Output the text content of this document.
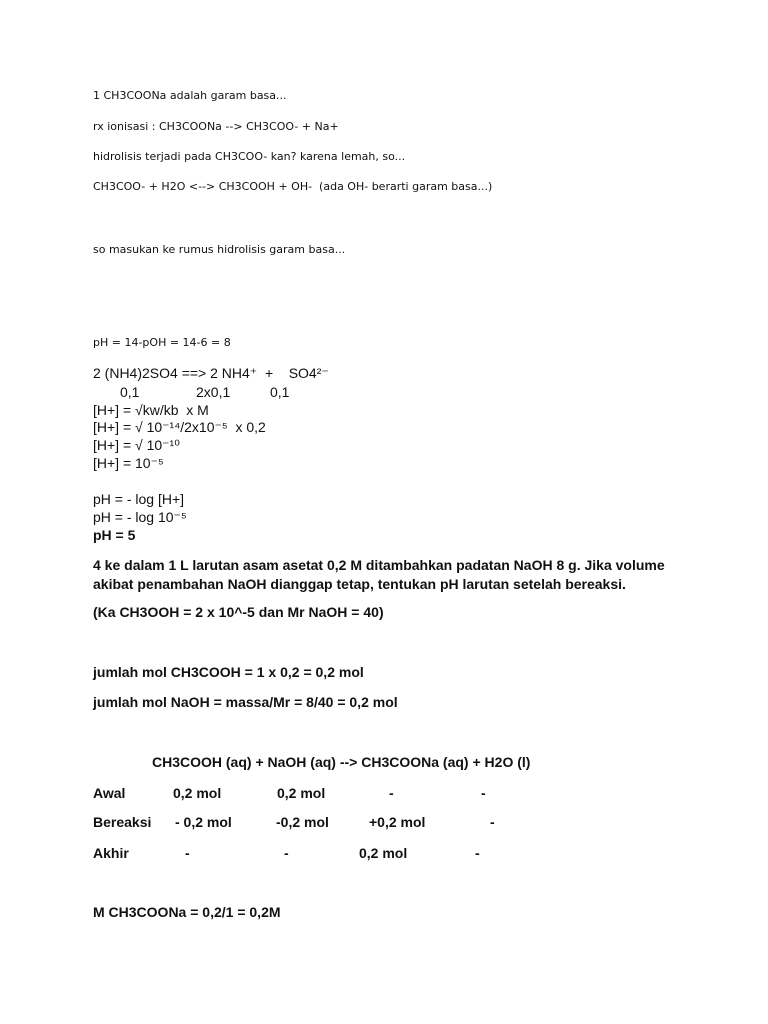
1 CH3COONa adalah garam basa...
rx ionisasi : CH3COONa --> CH3COO- + Na+
hidrolisis terjadi pada CH3COO- kan? karena lemah, so...
CH3COO- + H2O <--> CH3COOH + OH-  (ada OH- berarti garam basa...)
so masukan ke rumus hidrolisis garam basa...
pH = 14-pOH = 14-6 = 8
2 (NH4)2SO4 ==> 2 NH4⁺  +    SO4²⁻
0,1	2x0,1	0,1
[H+] = √kw/kb  x M
[H+] = √ 10⁻¹⁴/2x10⁻⁵  x 0,2
[H+] = √ 10⁻¹⁰
[H+] = 10⁻⁵
pH = - log [H+]
pH = - log 10⁻⁵
pH = 5
4 ke dalam 1 L larutan asam asetat 0,2 M ditambahkan padatan NaOH 8 g. Jika volume
akibat penambahan NaOH dianggap tetap, tentukan pH larutan setelah bereaksi.
(Ka CH3OOH = 2 x 10^-5 dan Mr NaOH = 40)
jumlah mol CH3COOH = 1 x 0,2 = 0,2 mol
jumlah mol NaOH = massa/Mr = 8/40 = 0,2 mol
CH3COOH (aq) + NaOH (aq) --> CH3COONa (aq) + H2O (l)
Awal	0,2 mol	0,2 mol	-	-
Bereaksi - 0,2 mol	-0,2 mol	+0,2 mol	-
Akhir	-	-	0,2 mol	-
M CH3COONa = 0,2/1 = 0,2M
